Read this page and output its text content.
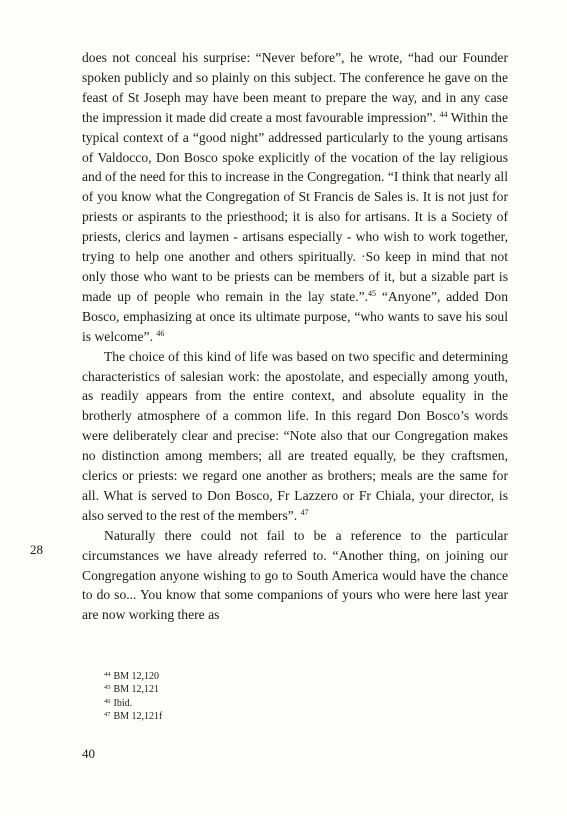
does not conceal his surprise: “Never before”, he wrote, “had our Founder spoken publicly and so plainly on this subject. The conference he gave on the feast of St Joseph may have been meant to prepare the way, and in any case the impression it made did create a most favourable impression”. $^{44}$ Within the typical context of a “good night” addressed particularly to the young artisans of Valdocco, Don Bosco spoke explicitly of the vocation of the lay religious and of the need for this to increase in the Congregation. “I think that nearly all of you know what the Congregation of St Francis de Sales is. It is not just for priests or aspirants to the priesthood; it is also for artisans. It is a Society of priests, clerics and laymen - artisans especially - who wish to work together, trying to help one another and others spiritually. ·So keep in mind that not only those who want to be priests can be members of it, but a sizable part is made up of people who remain in the lay state.”.$^{45}$ “Anyone”, added Don Bosco, emphasizing at once its ultimate purpose, “who wants to save his soul is welcome”. $^{46}$

The choice of this kind of life was based on two specific and determining characteristics of salesian work: the apostolate, and especially among youth, as readily appears from the entire context, and absolute equality in the brotherly atmosphere of a common life. In this regard Don Bosco’s words were deliberately clear and precise: “Note also that our Congregation makes no distinction among members; all are treated equally, be they craftsmen, clerics or priests: we regard one another as brothers; meals are the same for all. What is served to Don Bosco, Fr Lazzero or Fr Chiala, your director, is also served to the rest of the members”. $^{47}$

Naturally there could not fail to be a reference to the particular circumstances we have already referred to. “Another thing, on joining our Congregation anyone wishing to go to South America would have the chance to do so... You know that some companions of yours who were here last year are now working there as

28
$^{44}$ BM 12,120
$^{45}$ BM 12,121
$^{46}$ Ibid.
$^{47}$ BM 12,121f
40
